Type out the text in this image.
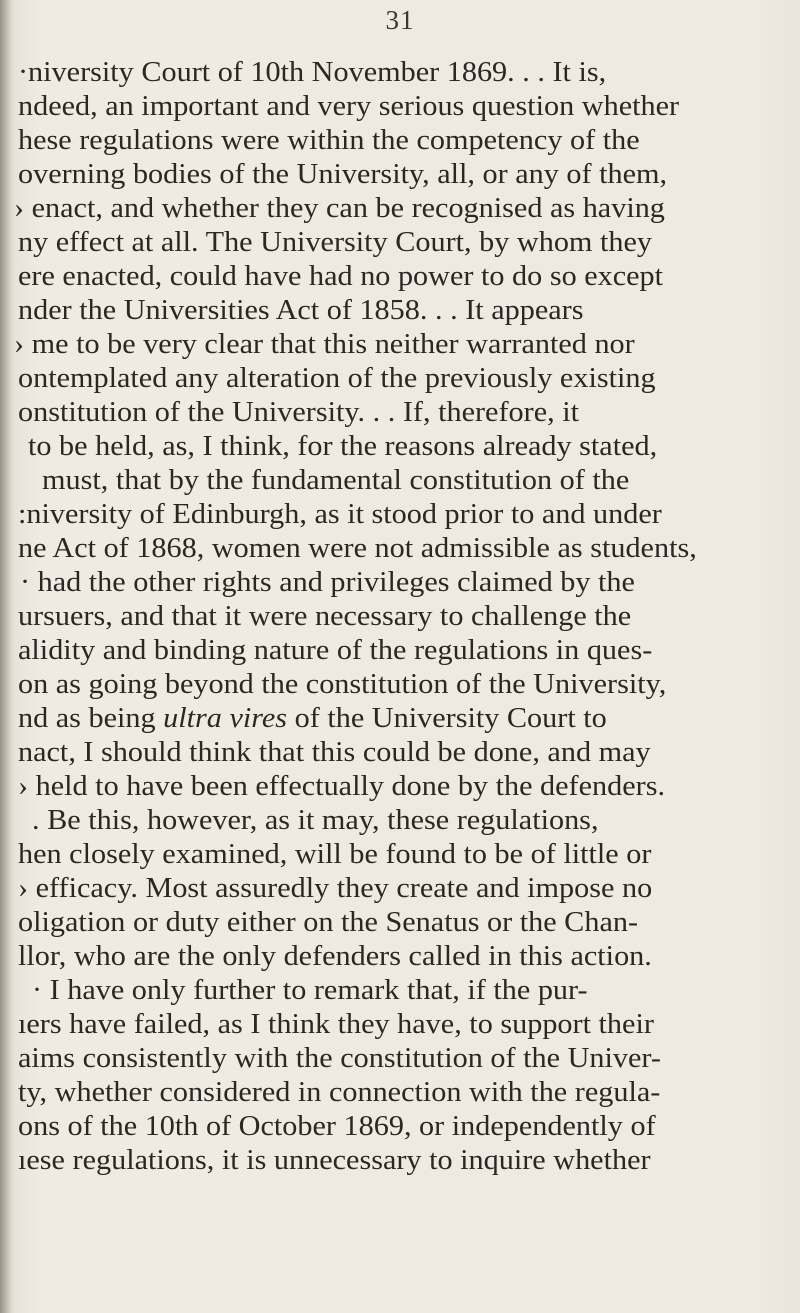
31
·niversity Court of 10th November 1869. . . It is,
ndeed, an important and very serious question whether
hese regulations were within the competency of the
overning bodies of the University, all, or any of them,
› enact, and whether they can be recognised as having
ny effect at all. The University Court, by whom they
ere enacted, could have had no power to do so except
nder the Universities Act of 1858. . . It appears
› me to be very clear that this neither warranted nor
ontemplated any alteration of the previously existing
onstitution of the University. . . If, therefore, it
to be held, as, I think, for the reasons already stated,
must, that by the fundamental constitution of the
:niversity of Edinburgh, as it stood prior to and under
ne Act of 1868, women were not admissible as students,
· had the other rights and privileges claimed by the
ursuers, and that it were necessary to challenge the
alidity and binding nature of the regulations in ques-
on as going beyond the constitution of the University,
nd as being ultra vires of the University Court to
nact, I should think that this could be done, and may
› held to have been effectually done by the defenders.
. Be this, however, as it may, these regulations,
hen closely examined, will be found to be of little or
› efficacy. Most assuredly they create and impose no
oligation or duty either on the Senatus or the Chan-
llor, who are the only defenders called in this action.
· I have only further to remark that, if the pur-
ıers have failed, as I think they have, to support their
aims consistently with the constitution of the Univer-
ty, whether considered in connection with the regula-
ons of the 10th of October 1869, or independently of
ıese regulations, it is unnecessary to inquire whether
